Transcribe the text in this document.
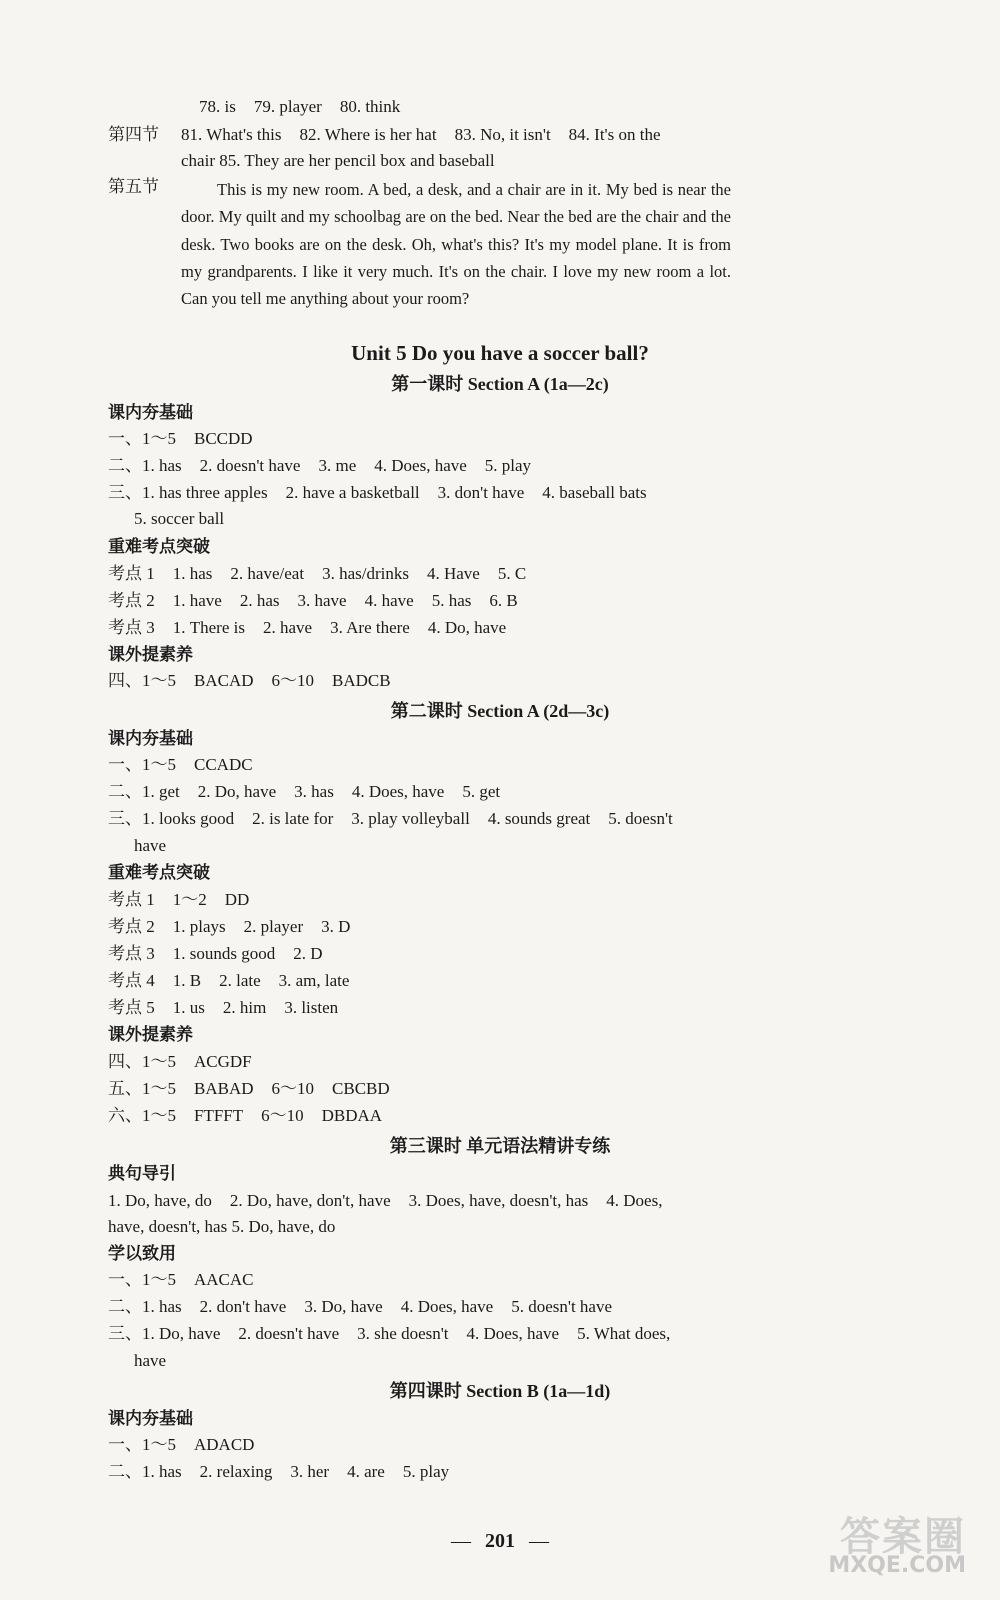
78. is 79. player 80. think
第四节 81. What's this 82. Where is her hat 83. No, it isn't 84. It's on the
chair 85. They are her pencil box and baseball
第五节	This is my new room. A bed, a desk, and a chair are in it. My bed is near the door. My quilt and my schoolbag are on the bed. Near the bed are the chair and the desk. Two books are on the desk. Oh, what's this? It's my model plane. It is from my grandparents. I like it very much. It's on the chair. I love my new room a lot. Can you tell me anything about your room?
Unit 5 Do you have a soccer ball?
第一课时 Section A (1a—2c)
课内夯基础
一、1～5 BCCDD
二、1. has 2. doesn't have 3. me 4. Does, have 5. play
三、1. has three apples 2. have a basketball 3. don't have 4. baseball bats
5. soccer ball
重难考点突破
考点 1 1. has 2. have/eat 3. has/drinks 4. Have 5. C
考点 2 1. have 2. has 3. have 4. have 5. has 6. B
考点 3 1. There is 2. have 3. Are there 4. Do, have
课外提素养
四、1～5 BACAD 6～10 BADCB
第二课时 Section A (2d—3c)
课内夯基础
一、1～5 CCADC
二、1. get 2. Do, have 3. has 4. Does, have 5. get
三、1. looks good 2. is late for 3. play volleyball 4. sounds great 5. doesn't
have
重难考点突破
考点 1 1～2 DD
考点 2 1. plays 2. player 3. D
考点 3 1. sounds good 2. D
考点 4 1. B 2. late 3. am, late
考点 5 1. us 2. him 3. listen
课外提素养
四、1～5 ACGDF
五、1～5 BABAD 6～10 CBCBD
六、1～5 FTFFT 6～10 DBDAA
第三课时 单元语法精讲专练
典句导引
1. Do, have, do 2. Do, have, don't, have 3. Does, have, doesn't, has 4. Does,
have, doesn't, has 5. Do, have, do
学以致用
一、1～5 AACAC
二、1. has 2. don't have 3. Do, have 4. Does, have 5. doesn't have
三、1. Do, have 2. doesn't have 3. she doesn't 4. Does, have 5. What does,
have
第四课时 Section B (1a—1d)
课内夯基础
一、1～5 ADACD
二、1. has 2. relaxing 3. her 4. are 5. play
— 201 —	答案圈
MXQE.COM
